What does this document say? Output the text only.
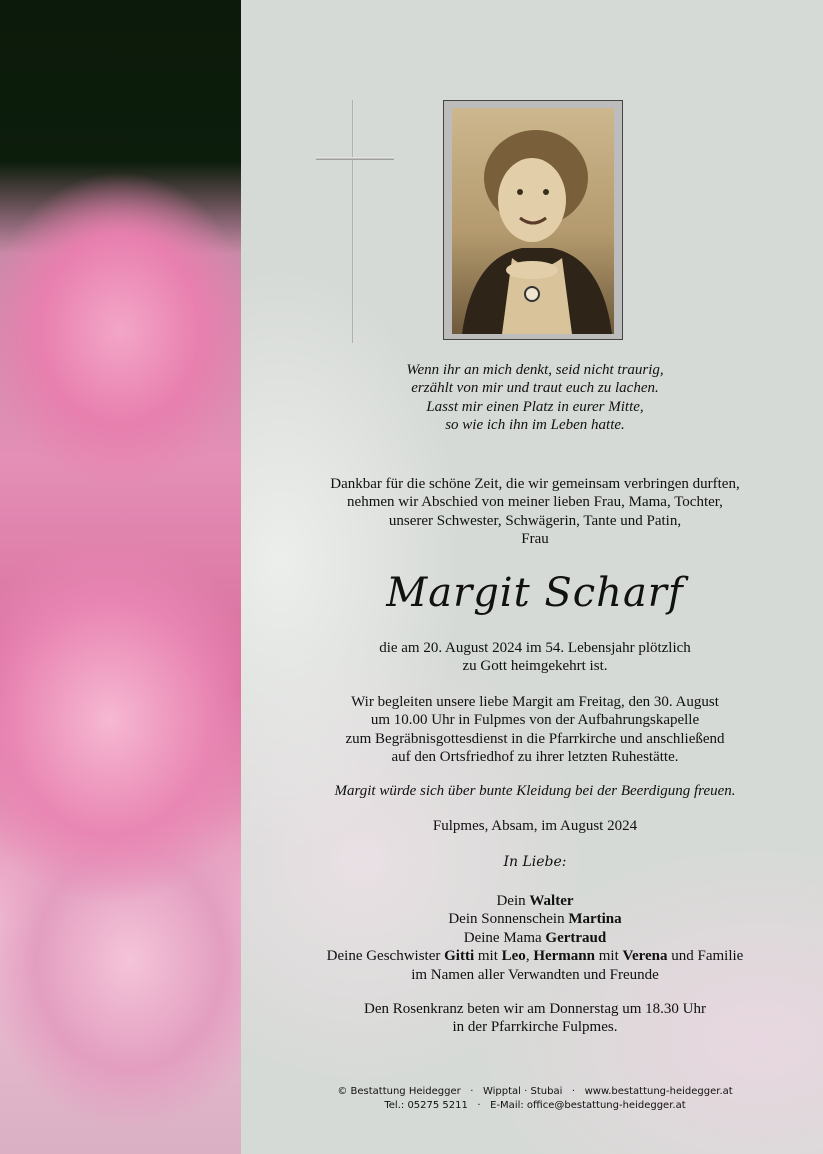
Wenn ihr an mich denkt, seid nicht traurig,
erzählt von mir und traut euch zu lachen.
Lasst mir einen Platz in eurer Mitte,
so wie ich ihn im Leben hatte.
Dankbar für die schöne Zeit, die wir gemeinsam verbringen durften,
nehmen wir Abschied von meiner lieben Frau, Mama, Tochter,
unserer Schwester, Schwägerin, Tante und Patin,
Frau
Margit Scharf
die am 20. August 2024 im 54. Lebensjahr plötzlich
zu Gott heimgekehrt ist.
Wir begleiten unsere liebe Margit am Freitag, den 30. August
um 10.00 Uhr in Fulpmes von der Aufbahrungskapelle
zum Begräbnisgottesdienst in die Pfarrkirche und anschließend
auf den Ortsfriedhof zu ihrer letzten Ruhestätte.
Margit würde sich über bunte Kleidung bei der Beerdigung freuen.
Fulpmes, Absam, im August 2024
In Liebe:
Dein Walter
Dein Sonnenschein Martina
Deine Mama Gertraud
Deine Geschwister Gitti mit Leo, Hermann mit Verena und Familie
im Namen aller Verwandten und Freunde
Den Rosenkranz beten wir am Donnerstag um 18.30 Uhr
in der Pfarrkirche Fulpmes.
© Bestattung Heidegger   ·   Wipptal · Stubai   ·   www.bestattung-heidegger.at
Tel.: 05275 5211   ·   E-Mail: office@bestattung-heidegger.at
